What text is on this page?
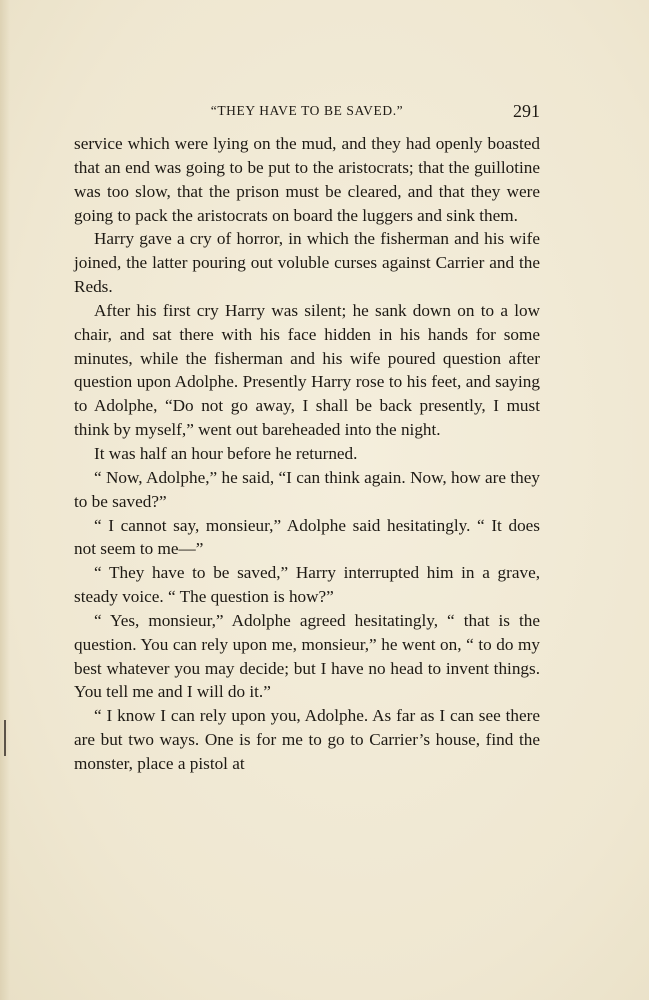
“THEY HAVE TO BE SAVED.”	291

service which were lying on the mud, and they had openly boasted that an end was going to be put to the aristocrats; that the guillotine was too slow, that the prison must be cleared, and that they were going to pack the aristocrats on board the luggers and sink them.

Harry gave a cry of horror, in which the fisherman and his wife joined, the latter pouring out voluble curses against Carrier and the Reds.

After his first cry Harry was silent; he sank down on to a low chair, and sat there with his face hidden in his hands for some minutes, while the fisherman and his wife poured question after question upon Adolphe. Presently Harry rose to his feet, and saying to Adolphe, “Do not go away, I shall be back presently, I must think by myself,” went out bareheaded into the night.

It was half an hour before he returned.

“ Now, Adolphe,” he said, “I can think again. Now, how are they to be saved?”

“ I cannot say, monsieur,” Adolphe said hesitatingly. “ It does not seem to me—”

“ They have to be saved,” Harry interrupted him in a grave, steady voice. “ The question is how?”

“ Yes, monsieur,” Adolphe agreed hesitatingly, “ that is the question. You can rely upon me, monsieur,” he went on, “ to do my best whatever you may decide; but I have no head to invent things. You tell me and I will do it.”

“ I know I can rely upon you, Adolphe. As far as I can see there are but two ways. One is for me to go to Carrier’s house, find the monster, place a pistol at
